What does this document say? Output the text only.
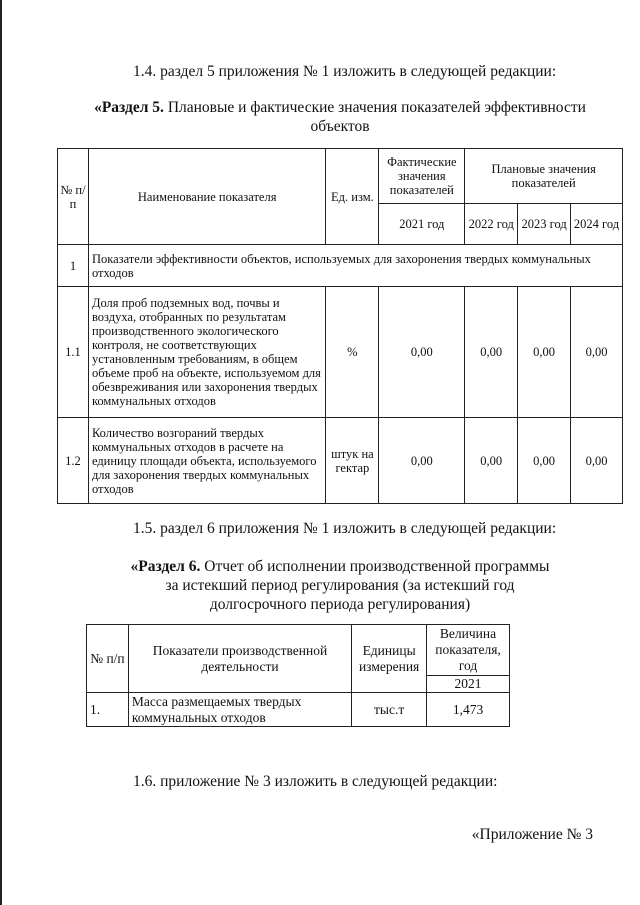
1.4. раздел 5 приложения № 1 изложить в следующей редакции:
«Раздел 5. Плановые и фактические значения показателей эффективности
объектов
№ п/п	Наименование показателя	Ед. изм.	Фактические значения показателей	Плановые значения показателей		
			2021 год	2022 год	2023 год	2024 год
1	Показатели эффективности объектов, используемых для захоронения твердых коммунальных отходов					
1.1	Доля проб подземных вод, почвы и воздуха, отобранных по результатам производственного экологического контроля, не соответствующих установленным требованиям, в общем объеме проб на объекте, используемом для обезвреживания или захоронения твердых коммунальных отходов	%	0,00	0,00	0,00	0,00
1.2	Количество возгораний твердых коммунальных отходов в расчете на единицу площади объекта, используемого для захоронения твердых коммунальных отходов	штук на гектар	0,00	0,00	0,00	0,00
1.5. раздел 6 приложения № 1 изложить в следующей редакции:
«Раздел 6. Отчет об исполнении производственной программы
за истекший период регулирования (за истекший год
долгосрочного периода регулирования)
№ п/п	Показатели производственной деятельности	Единицы измерения	Величина показателя, год
			2021
1.	Масса размещаемых твердых коммунальных отходов	тыс.т	1,473
1.6. приложение № 3 изложить в следующей редакции:
«Приложение № 3
